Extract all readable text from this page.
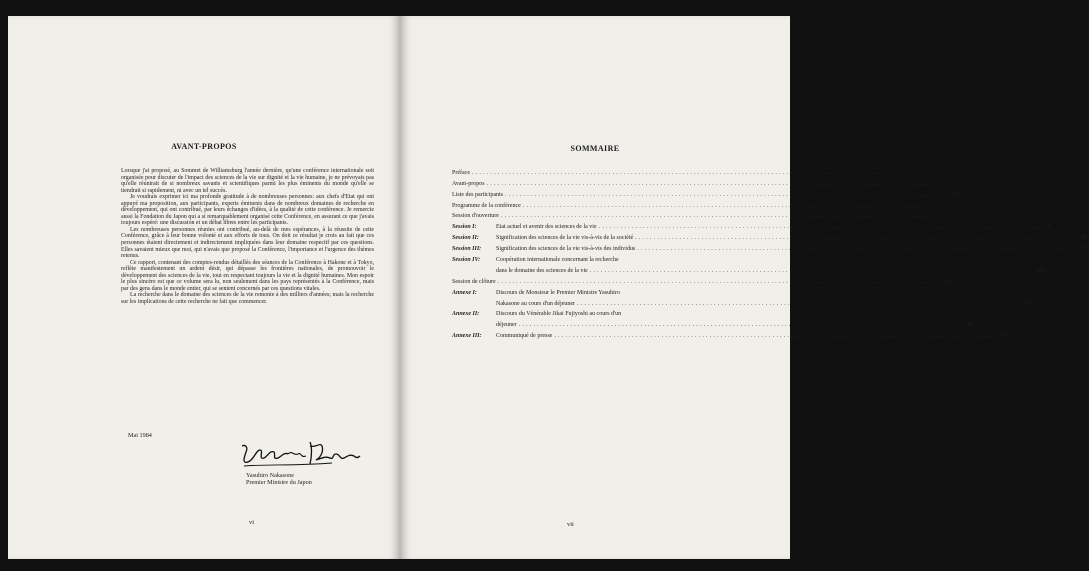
AVANT-PROPOS

Lorsque j'ai proposé, au Sommet de Williamsburg l'année dernière, qu'une conférence internationale soit organisée pour discuter de l'impact des sciences de la vie sur dignité et la vie humaine, je ne prévoyais pas qu'elle réunirait de si nombreux savants et scientifiques parmi les plus éminents du monde qu'elle se tiendrait si rapidement, ni avec un tel succès.

Je voudrais exprimer ici ma profonde gratitude à de nombreuses personnes: aux chefs d'Etat qui ont appuyé ma proposition, aux participants, experts éminents dans de nombreux domaines de recherche en développement, qui ont contribué, par leurs échanges d'idées, à la qualité de cette conférence. Je remercie aussi la Fondation du Japon qui a si remarquablement organisé cette Conférence, en assurant ce que j'avais toujours espéré: une discussion et un débat libres entre les participants.

Les nombreuses personnes réunies ont contribué, au-delà de mes espérances, à la réussite de cette Conférence, grâce à leur bonne volonté et aux efforts de tous. On doit ce résultat je crois au fait que ces personnes étaient directement et indirectement impliquées dans leur domaine respectif par ces questions. Elles savaient mieux que moi, qui n'avais que proposé la Conférence, l'importance et l'urgence des thèmes retenus.

Ce rapport, contenant des comptes-rendus détaillés des séances de la Conférence à Hakone et à Tokyo, reflète manifestement un ardent désir, qui dépasse les frontières nationales, de promouvoir le développement des sciences de la vie, tout en respectant toujours la vie et la dignité humaines. Mon espoir le plus sincère est que ce volume sera lu, non seulement dans les pays représentés à la Conférence, mais par des gens dans le monde entier, qui se sentent concernés par ces questions vitales.

La recherche dans le domaine des sciences de la vie remonte à des milliers d'années; mais la recherche sur les implications de cette recherche ne fait que commencer.

Mai 1984
Yasuhiro Nakasone
Premier Ministre du Japon
vi
SOMMAIRE
Préface ........................................................................................................................ v
Avant-propos ........................................................................................................................ vi
Liste des participants ........................................................................................................................ viii
Programme de la conférence ........................................................................................................................ x
Session d'ouverture ........................................................................................................................ 1
Session I:	Etat actuel et avenir des sciences de la vie ........................................................................................................................ 15
Session II:	Signification des sciences de la vie vis-à-vis de la société ........................................................................................................................ 43
Session III:	Signification des sciences de la vie vis-à-vis des individus ........................................................................................................................ 75
Session IV:	Coopération internationale concernant la recherche
dans le domaine des sciences de la vie ........................................................................................................................ 105
Session de clôture ........................................................................................................................ 131
Annexe I:	Discours de Monsieur le Premier Ministre Yasuhiro
Nakasone au cours d'un déjeuner ........................................................................................................................ 143
Annexe II:	Discours du Vénérable Jikai Fujiyoshi au cours d'un
déjeuner ........................................................................................................................ 146
Annexe III:	Communiqué de presse ........................................................................................................................ 151
vii
